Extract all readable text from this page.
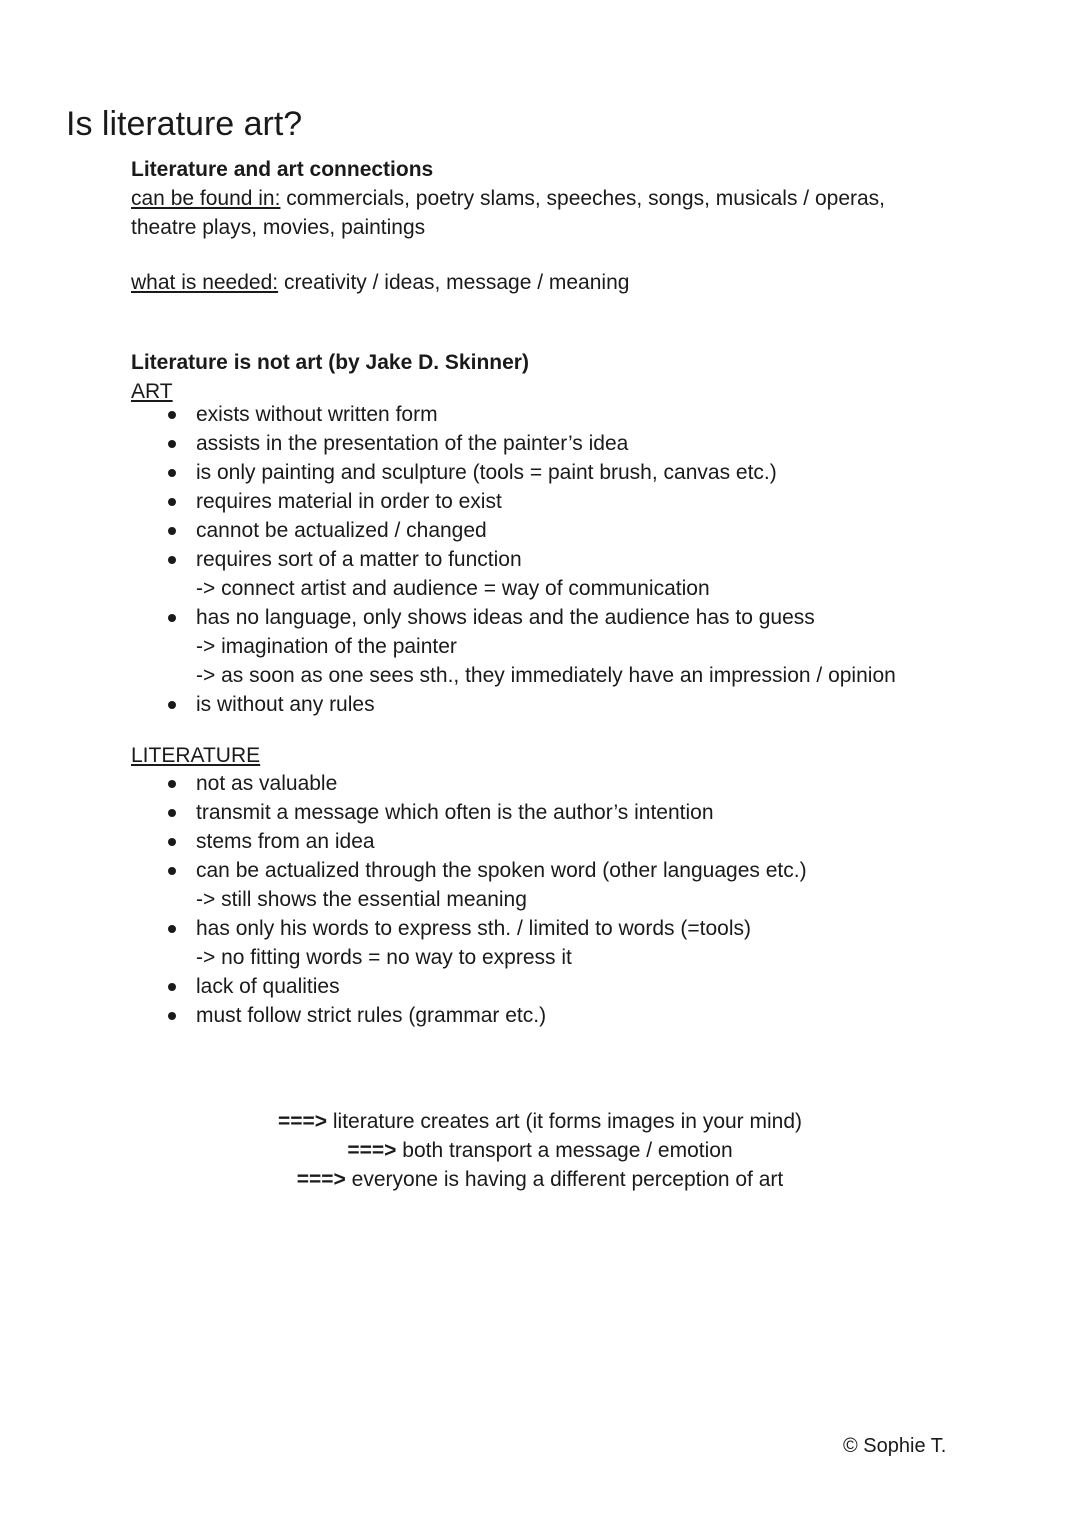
Is literature art?
Literature and art connections
can be found in: commercials, poetry slams, speeches, songs, musicals / operas,
theatre plays, movies, paintings
what is needed: creativity / ideas, message / meaning
Literature is not art (by Jake D. Skinner)
ART
exists without written form
assists in the presentation of the painter’s idea
is only painting and sculpture (tools = paint brush, canvas etc.)
requires material in order to exist
cannot be actualized / changed
requires sort of a matter to function
-> connect artist and audience = way of communication
has no language, only shows ideas and the audience has to guess
-> imagination of the painter
-> as soon as one sees sth., they immediately have an impression / opinion
is without any rules
LITERATURE
not as valuable
transmit a message which often is the author’s intention
stems from an idea
can be actualized through the spoken word (other languages etc.)
-> still shows the essential meaning
has only his words to express sth. / limited to words (=tools)
-> no fitting words = no way to express it
lack of qualities
must follow strict rules (grammar etc.)
===> literature creates art (it forms images in your mind)
===> both transport a message / emotion
===> everyone is having a different perception of art
© Sophie T.
